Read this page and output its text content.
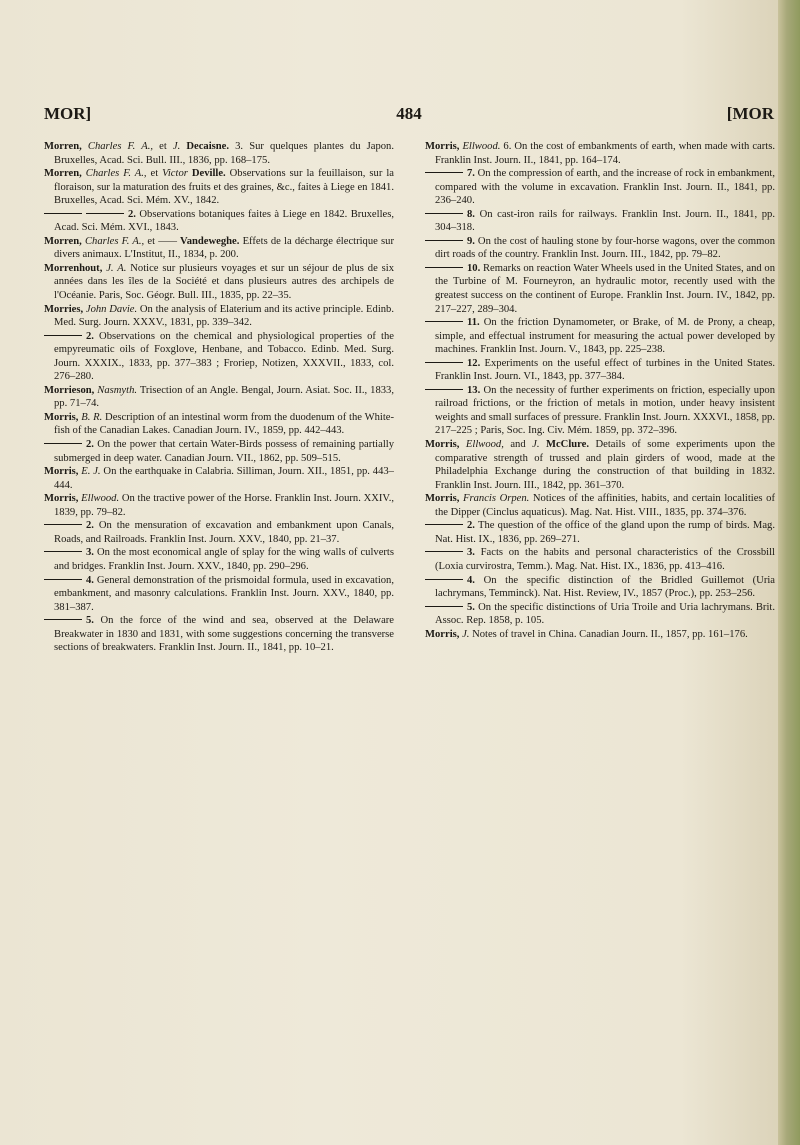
MOR]	484	[MOR

Morren, Charles F. A., et J. Decaisne. 3. Sur quelques plantes du Japon. Bruxelles, Acad. Sci. Bull. III., 1836, pp. 168–175.

Morren, Charles F. A., et Victor Deville. Observations sur la feuillaison, sur la floraison, sur la maturation des fruits et des graines, &c., faites à Liege en 1841. Bruxelles, Acad. Sci. Mém. XV., 1842.

2. Observations botaniques faites à Liege en 1842. Bruxelles, Acad. Sci. Mém. XVI., 1843.

Morren, Charles F. A., et —— Vandeweghe. Effets de la décharge électrique sur divers animaux. L'Institut, II., 1834, p. 200.

Morrenhout, J. A. Notice sur plusieurs voyages et sur un séjour de plus de six années dans les îles de la Société et dans plusieurs autres des archipels de l'Océanie. Paris, Soc. Géogr. Bull. III., 1835, pp. 22–35.

Morries, John Davie. On the analysis of Elaterium and its active principle. Edinb. Med. Surg. Journ. XXXV., 1831, pp. 339–342.

2. Observations on the chemical and physiological properties of the empyreumatic oils of Foxglove, Henbane, and Tobacco. Edinb. Med. Surg. Journ. XXXIX., 1833, pp. 377–383 ; Froriep, Notizen, XXXVII., 1833, col. 276–280.

Morrieson, Nasmyth. Trisection of an Angle. Bengal, Journ. Asiat. Soc. II., 1833, pp. 71–74.

Morris, B. R. Description of an intestinal worm from the duodenum of the White-fish of the Canadian Lakes. Canadian Journ. IV., 1859, pp. 442–443.

2. On the power that certain Water-Birds possess of remaining partially submerged in deep water. Canadian Journ. VII., 1862, pp. 509–515.

Morris, E. J. On the earthquake in Calabria. Silliman, Journ. XII., 1851, pp. 443–444.

Morris, Ellwood. On the tractive power of the Horse. Franklin Inst. Journ. XXIV., 1839, pp. 79–82.

2. On the mensuration of excavation and embankment upon Canals, Roads, and Railroads. Franklin Inst. Journ. XXV., 1840, pp. 21–37.

3. On the most economical angle of splay for the wing walls of culverts and bridges. Franklin Inst. Journ. XXV., 1840, pp. 290–296.

4. General demonstration of the prismoidal formula, used in excavation, embankment, and masonry calculations. Franklin Inst. Journ. XXV., 1840, pp. 381–387.

5. On the force of the wind and sea, observed at the Delaware Breakwater in 1830 and 1831, with some suggestions concerning the transverse sections of breakwaters. Franklin Inst. Journ. II., 1841, pp. 10–21.

Morris, Ellwood. 6. On the cost of embankments of earth, when made with carts. Franklin Inst. Journ. II., 1841, pp. 164–174.

7. On the compression of earth, and the increase of rock in embankment, compared with the volume in excavation. Franklin Inst. Journ. II., 1841, pp. 236–240.

8. On cast-iron rails for railways. Franklin Inst. Journ. II., 1841, pp. 304–318.

9. On the cost of hauling stone by four-horse wagons, over the common dirt roads of the country. Franklin Inst. Journ. III., 1842, pp. 79–82.

10. Remarks on reaction Water Wheels used in the United States, and on the Turbine of M. Fourneyron, an hydraulic motor, recently used with the greatest success on the continent of Europe. Franklin Inst. Journ. IV., 1842, pp. 217–227, 289–304.

11. On the friction Dynamometer, or Brake, of M. de Prony, a cheap, simple, and effectual instrument for measuring the actual power developed by machines. Franklin Inst. Journ. V., 1843, pp. 225–238.

12. Experiments on the useful effect of turbines in the United States. Franklin Inst. Journ. VI., 1843, pp. 377–384.

13. On the necessity of further experiments on friction, especially upon railroad frictions, or the friction of metals in motion, under heavy insistent weights and small surfaces of pressure. Franklin Inst. Journ. XXXVI., 1858, pp. 217–225 ; Paris, Soc. Ing. Civ. Mém. 1859, pp. 372–396.

Morris, Ellwood, and J. McClure. Details of some experiments upon the comparative strength of trussed and plain girders of wood, made at the Philadelphia Exchange during the construction of that building in 1832. Franklin Inst. Journ. III., 1842, pp. 361–370.

Morris, Francis Orpen. Notices of the affinities, habits, and certain localities of the Dipper (Cinclus aquaticus). Mag. Nat. Hist. VIII., 1835, pp. 374–376.

2. The question of the office of the gland upon the rump of birds. Mag. Nat. Hist. IX., 1836, pp. 269–271.

3. Facts on the habits and personal characteristics of the Crossbill (Loxia curvirostra, Temm.). Mag. Nat. Hist. IX., 1836, pp. 413–416.

4. On the specific distinction of the Bridled Guillemot (Uria lachrymans, Temminck). Nat. Hist. Review, IV., 1857 (Proc.), pp. 253–256.

5. On the specific distinctions of Uria Troile and Uria lachrymans. Brit. Assoc. Rep. 1858, p. 105.

Morris, J. Notes of travel in China. Canadian Journ. II., 1857, pp. 161–176.
